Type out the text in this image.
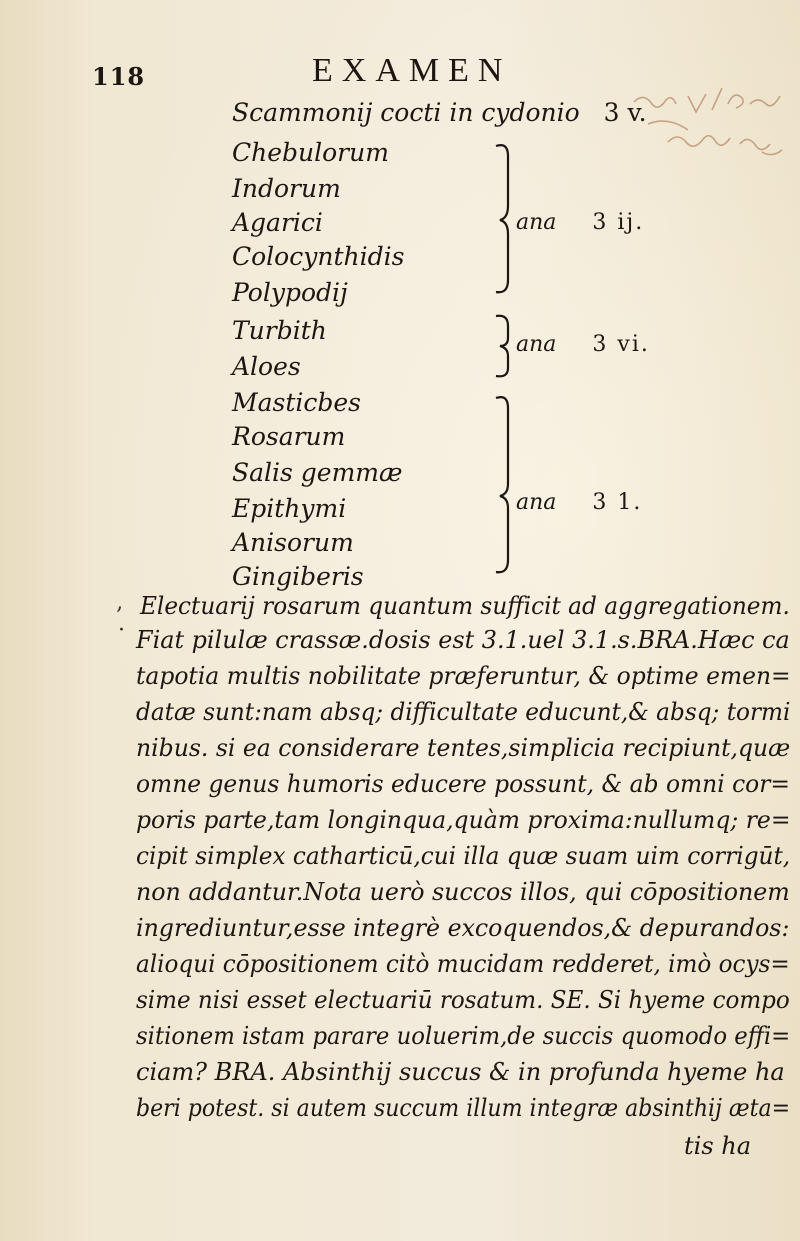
118	EXAMEN
Scammonij cocti in cydonio 3 v.
Chebulorum
Indorum
Agarici
Colocynthidis
Polypodij
ana 3 ij.
Turbith
Aloes
ana 3 vi.
Masticbes
Rosarum
Salis gemmæ
Epithymi
Anisorum
Gingiberis
ana 3 1.
‚
·
Electuarij rosarum quantum sufficit ad aggregationem.
Fiat pilulæ crassæ.dosis est 3.1.uel 3.1.s.BRA.Hæc ca
tapotia multis nobilitate præferuntur, & optime emen=
datæ sunt:nam absq; difficultate educunt,& absq; tormi
nibus. si ea considerare tentes,simplicia recipiunt,quæ
omne genus humoris educere possunt, & ab omni cor=
poris parte,tam longinqua,quàm proxima:nullumq; re=
cipit simplex catharticū,cui illa quæ suam uim corrigūt,
non addantur.Nota uerò succos illos, qui cōpositionem
ingrediuntur,esse integrè excoquendos,& depurandos:
alioqui cōpositionem citò mucidam redderet, imò ocys=
sime nisi esset electuariū rosatum. SE. Si hyeme compo
sitionem istam parare uoluerim,de succis quomodo effi=
ciam? BRA. Absinthij succus & in profunda hyeme ha
beri potest. si autem succum illum integræ absinthij æta=
tis ha
